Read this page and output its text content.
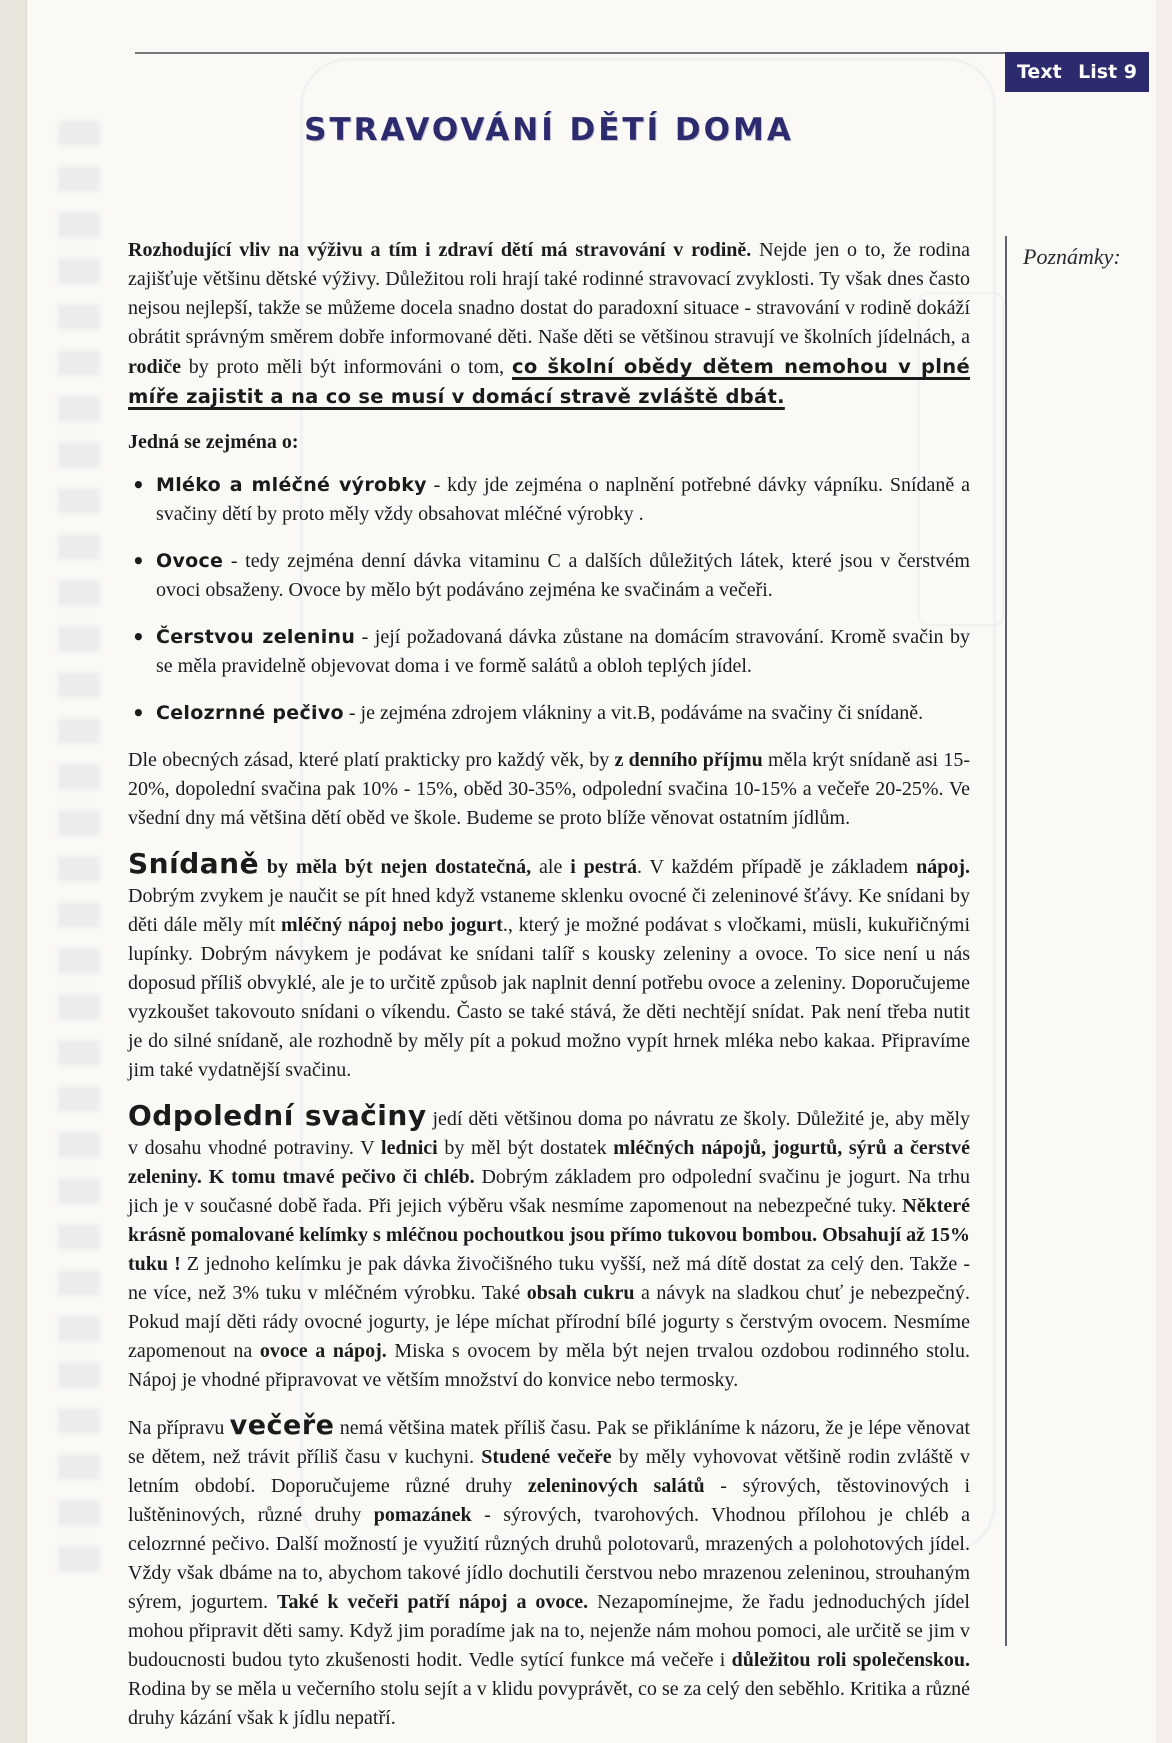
Text List 9
STRAVOVÁNÍ DĚTÍ DOMA

Rozhodující vliv na výživu a tím i zdraví dětí má stravování v rodině. Nejde jen o to, že rodina zajišťuje většinu dětské výživy. Důležitou roli hrají také rodinné stravovací zvyklosti. Ty však dnes často nejsou nejlepší, takže se můžeme docela snadno dostat do paradoxní situace - stravování v rodině dokáží obrátit správným směrem dobře informované děti. Naše děti se většinou stravují ve školních jídelnách, a rodiče by proto měli být informováni o tom, co školní obědy dětem nemohou v plné míře zajistit a na co se musí v domácí stravě zvláště dbát.

Jedná se zejména o:

• Mléko a mléčné výrobky - kdy jde zejména o naplnění potřebné dávky vápníku. Snídaně a svačiny dětí by proto měly vždy obsahovat mléčné výrobky .
• Ovoce - tedy zejména denní dávka vitaminu C a dalších důležitých látek, které jsou v čerstvém ovoci obsaženy. Ovoce by mělo být podáváno zejména ke svačinám a večeři.
• Čerstvou zeleninu - její požadovaná dávka zůstane na domácím stravování. Kromě svačin by se měla pravidelně objevovat doma i ve formě salátů a obloh teplých jídel.
• Celozrnné pečivo - je zejména zdrojem vlákniny a vit.B, podáváme na svačiny či snídaně.

Dle obecných zásad, které platí prakticky pro každý věk, by z denního příjmu měla krýt snídaně asi 15-20%, dopolední svačina pak 10% - 15%, oběd 30-35%, odpolední svačina 10-15% a večeře 20-25%. Ve všední dny má většina dětí oběd ve škole. Budeme se proto blíže věnovat ostatním jídlům.

Snídaně by měla být nejen dostatečná, ale i pestrá. V každém případě je základem nápoj. Dobrým zvykem je naučit se pít hned když vstaneme sklenku ovocné či zeleninové šťávy. Ke snídani by děti dále měly mít mléčný nápoj nebo jogurt., který je možné podávat s vločkami, müsli, kukuřičnými lupínky. Dobrým návykem je podávat ke snídani talíř s kousky zeleniny a ovoce. To sice není u nás doposud příliš obvyklé, ale je to určitě způsob jak naplnit denní potřebu ovoce a zeleniny. Doporučujeme vyzkoušet takovouto snídani o víkendu. Často se také stává, že děti nechtějí snídat. Pak není třeba nutit je do silné snídaně, ale rozhodně by měly pít a pokud možno vypít hrnek mléka nebo kakaa. Připravíme jim také vydatnější svačinu.

Odpolední svačiny jedí děti většinou doma po návratu ze školy. Důležité je, aby měly v dosahu vhodné potraviny. V lednici by měl být dostatek mléčných nápojů, jogurtů, sýrů a čerstvé zeleniny. K tomu tmavé pečivo či chléb. Dobrým základem pro odpolední svačinu je jogurt. Na trhu jich je v současné době řada. Při jejich výběru však nesmíme zapomenout na nebezpečné tuky. Některé krásně pomalované kelímky s mléčnou pochoutkou jsou přímo tukovou bombou. Obsahují až 15% tuku ! Z jednoho kelímku je pak dávka živočišného tuku vyšší, než má dítě dostat za celý den. Takže - ne více, než 3% tuku v mléčném výrobku. Také obsah cukru a návyk na sladkou chuť je nebezpečný. Pokud mají děti rády ovocné jogurty, je lépe míchat přírodní bílé jogurty s čerstvým ovocem. Nesmíme zapomenout na ovoce a nápoj. Miska s ovocem by měla být nejen trvalou ozdobou rodinného stolu. Nápoj je vhodné připravovat ve větším množství do konvice nebo termosky.

Na přípravu večeře nemá většina matek příliš času. Pak se přikláníme k názoru, že je lépe věnovat se dětem, než trávit příliš času v kuchyni. Studené večeře by měly vyhovovat většině rodin zvláště v letním období. Doporučujeme různé druhy zeleninových salátů - sýrových, těstovinových i luštěninových, různé druhy pomazánek - sýrových, tvarohových. Vhodnou přílohou je chléb a celozrnné pečivo. Další možností je využití různých druhů polotovarů, mrazených a polohotových jídel. Vždy však dbáme na to, abychom takové jídlo dochutili čerstvou nebo mrazenou zeleninou, strouhaným sýrem, jogurtem. Také k večeři patří nápoj a ovoce. Nezapomínejme, že řadu jednoduchých jídel mohou připravit děti samy. Když jim poradíme jak na to, nejenže nám mohou pomoci, ale určitě se jim v budoucnosti budou tyto zkušenosti hodit. Vedle sytící funkce má večeře i důležitou roli společenskou. Rodina by se měla u večerního stolu sejít a v klidu povyprávět, co se za celý den seběhlo. Kritika a různé druhy kázání však k jídlu nepatří.

Poznámky:
